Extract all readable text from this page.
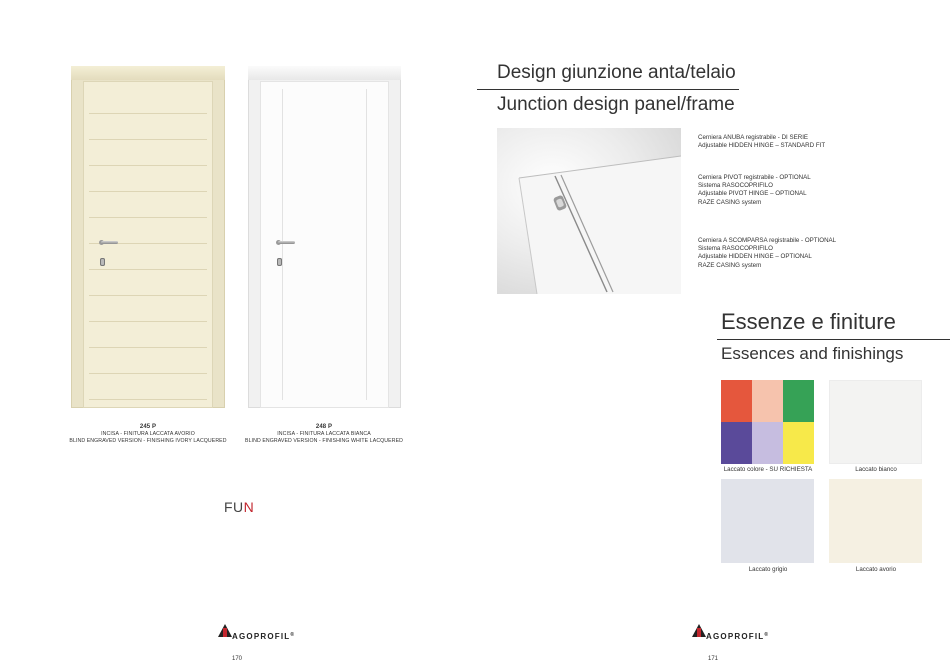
245 P
INCISA - FINITURA LACCATA AVORIO
BLIND ENGRAVED VERSION - FINISHING IVORY LACQUERED
248 P
INCISA - FINITURA LACCATA BIANCA
BLIND ENGRAVED VERSION - FINISHING WHITE LACQUERED
FUN
AGOPROFIL®
170
Design giunzione anta/telaio
Junction design panel/frame
Cerniera ANUBA registrabile - DI SERIE
Adjustable HIDDEN HINGE – STANDARD FIT
Cerniera PIVOT registrabile - OPTIONAL
Sistema RASOCOPRIFILO
Adjustable PIVOT HINGE – OPTIONAL
RAZE CASING system
Cerniera A SCOMPARSA registrabile - OPTIONAL
Sistema RASOCOPRIFILO
Adjustable HIDDEN HINGE – OPTIONAL
RAZE CASING system
Essenze e finiture
Essences and finishings
Laccato colore - SU RICHIESTA	Laccato bianco
Laccato grigio	Laccato avorio
AGOPROFIL®
171
